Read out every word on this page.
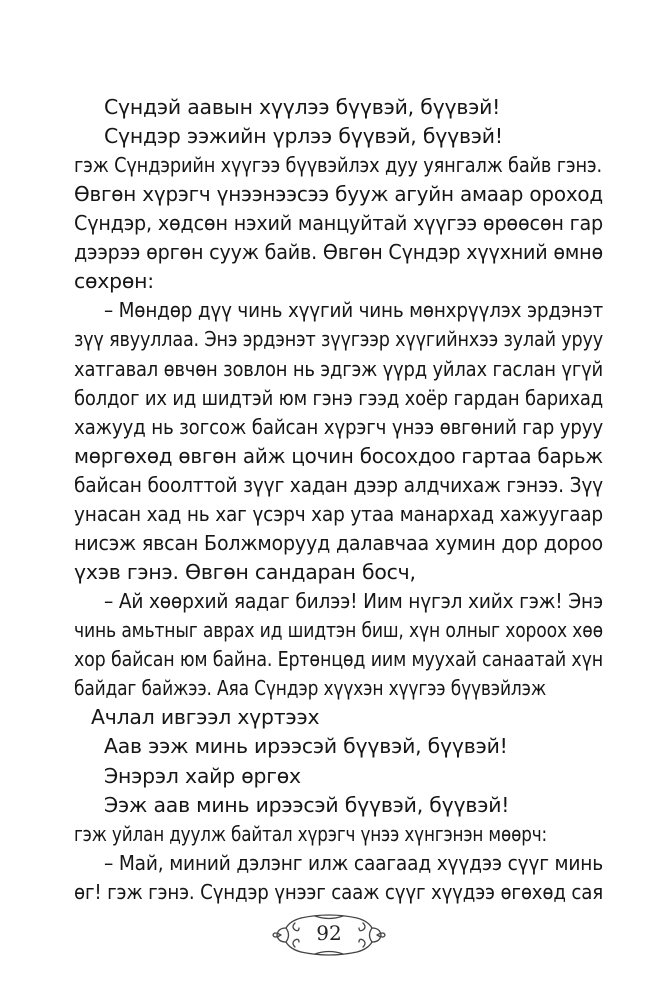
Сүндэй аавын хүүлээ бүүвэй, бүүвэй!
Сүндэр ээжийн үрлээ бүүвэй, бүүвэй!
гэж Сүндэрийн хүүгээ бүүвэйлэх дуу уянгалж байв гэнэ.
Өвгөн хүрэгч үнээнээсээ бууж агуйн амаар ороход
Сүндэр, хөдсөн нэхий манцуйтай хүүгээ өрөөсөн гар
дээрээ өргөн сууж байв. Өвгөн Сүндэр хүүхний өмнө
сөхрөн:
– Мөндөр дүү чинь хүүгий чинь мөнхрүүлэх эрдэнэт
зүү явууллаа. Энэ эрдэнэт зүүгээр хүүгийнхээ зулай уруу
хатгавал өвчөн зовлон нь эдгэж үүрд уйлах гаслан үгүй
болдог их ид шидтэй юм гэнэ гээд хоёр гардан барихад
хажууд нь зогсож байсан хүрэгч үнээ өвгөний гар уруу
мөргөхөд өвгөн айж цочин босохдоо гартаа барьж
байсан боолттой зүүг хадан дээр алдчихаж гэнээ. Зүү
унасан хад нь хаг үсэрч хар утаа манархад хажуугаар
нисэж явсан Болжморууд далавчаа хумин дор дороо
үхэв гэнэ. Өвгөн сандаран босч,
– Ай хөөрхий яадаг билээ! Иим нүгэл хийх гэж! Энэ
чинь амьтныг аврах ид шидтэн биш, хүн олныг хороох хөө
хор байсан юм байна. Ертөнцөд иим муухай санаатай хүн
байдаг байжээ. Аяа Сүндэр хүүхэн хүүгээ бүүвэйлэж
Ачлал ивгээл хүртээх
Аав ээж минь ирээсэй бүүвэй, бүүвэй!
Энэрэл хайр өргөх
Ээж аав минь ирээсэй бүүвэй, бүүвэй!
гэж уйлан дуулж байтал хүрэгч үнээ хүнгэнэн мөөрч:
– Май, миний дэлэнг илж саагаад хүүдээ сүүг минь
өг! гэж гэнэ. Сүндэр үнээг сааж сүүг хүүдээ өгөхөд сая
92
